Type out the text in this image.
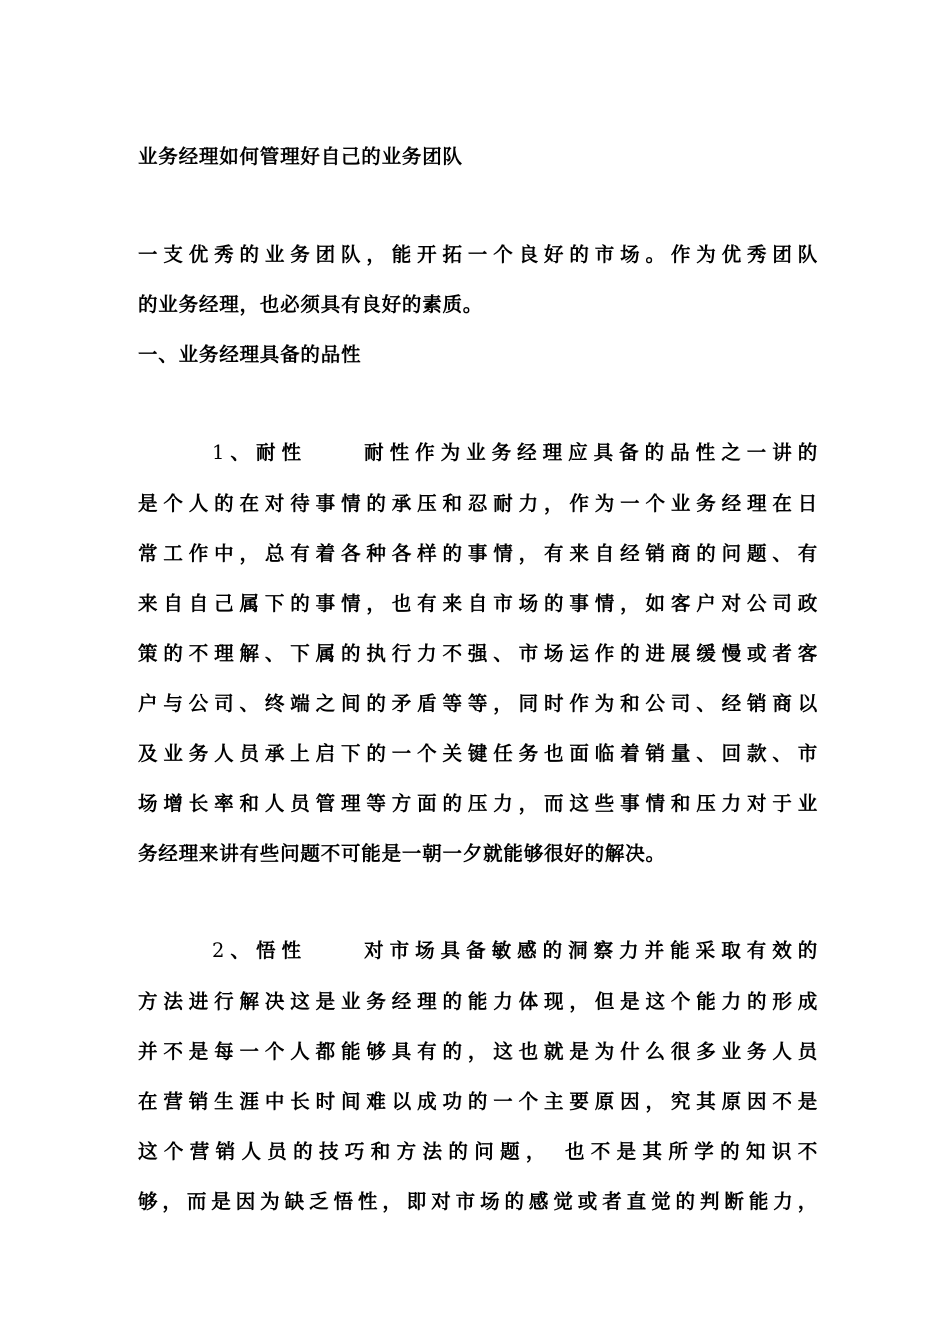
业务经理如何管理好自己的业务团队
一支优秀的业务团队，能开拓一个良好的市场。作为优秀团队
的业务经理，也必须具有良好的素质。
一、业务经理具备的品性
1、耐性	耐性作为业务经理应具备的品性之一讲的
是个人的在对待事情的承压和忍耐力，作为一个业务经理在日
常工作中，总有着各种各样的事情，有来自经销商的问题、有
来自自己属下的事情，也有来自市场的事情，如客户对公司政
策的不理解、下属的执行力不强、市场运作的进展缓慢或者客
户与公司、终端之间的矛盾等等，同时作为和公司、经销商以
及业务人员承上启下的一个关键任务也面临着销量、回款、市
场增长率和人员管理等方面的压力，而这些事情和压力对于业
务经理来讲有些问题不可能是一朝一夕就能够很好的解决。
2、悟性	对市场具备敏感的洞察力并能采取有效的
方法进行解决这是业务经理的能力体现，但是这个能力的形成
并不是每一个人都能够具有的，这也就是为什么很多业务人员
在营销生涯中长时间难以成功的一个主要原因，究其原因不是
这个营销人员的技巧和方法的问题， 也不是其所学的知识不
够，而是因为缺乏悟性，即对市场的感觉或者直觉的判断能力，
